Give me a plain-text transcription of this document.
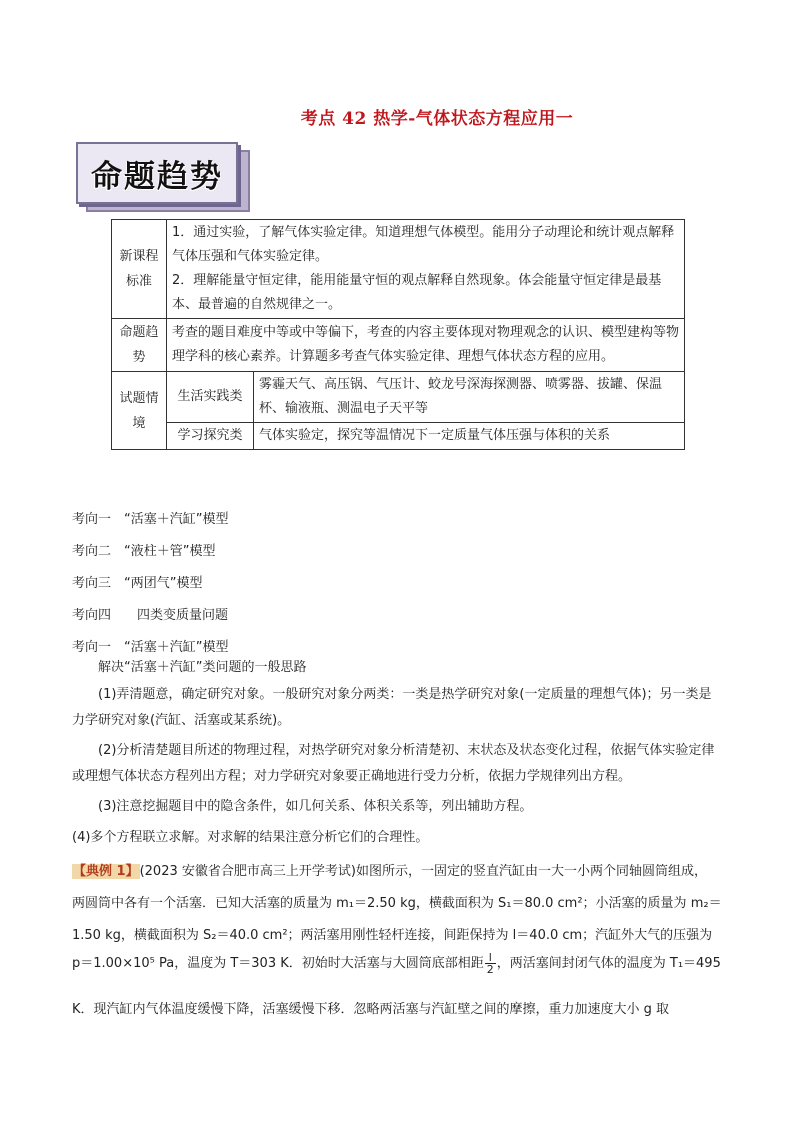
考点 42 热学-气体状态方程应用一
命题趋势
新课程标准	1．通过实验，了解气体实验定律。知道理想气体模型。能用分子动理论和统计观点解释气体压强和气体实验定律。
2．理解能量守恒定律，能用能量守恒的观点解释自然现象。体会能量守恒定律是最基本、最普遍的自然规律之一。	

命题趋势	考查的题目难度中等或中等偏下，考查的内容主要体现对物理观念的认识、模型建构等物理学科的核心素养。计算题多考查气体实验定律、理想气体状态方程的应用。	
试题情境	生活实践类	雾霾天气、高压锅、气压计、蛟龙号深海探测器、喷雾器、拔罐、保温杯、输液瓶、测温电子天平等
	学习探究类	气体实验定，探究等温情况下一定质量气体压强与体积的关系
考向一　“活塞＋汽缸”模型
考向二　“液柱＋管”模型
考向三　“两团气”模型
考向四　　四类变质量问题
考向一　“活塞＋汽缸”模型
解决“活塞＋汽缸”类问题的一般思路
(1)弄清题意，确定研究对象。一般研究对象分两类：一类是热学研究对象(一定质量的理想气体)；另一类是力学研究对象(汽缸、活塞或某系统)。
(2)分析清楚题目所述的物理过程，对热学研究对象分析清楚初、末状态及状态变化过程，依据气体实验定律或理想气体状态方程列出方程；对力学研究对象要正确地进行受力分析，依据力学规律列出方程。
(3)注意挖掘题目中的隐含条件，如几何关系、体积关系等，列出辅助方程。
(4)多个方程联立求解。对求解的结果注意分析它们的合理性。
【典例 1】(2023 安徽省合肥市高三上开学考试)如图所示，一固定的竖直汽缸由一大一小两个同轴圆筒组成，
两圆筒中各有一个活塞．已知大活塞的质量为 m₁＝2.50 kg，横截面积为 S₁＝80.0 cm²；小活塞的质量为 m₂＝
1.50 kg，横截面积为 S₂＝40.0 cm²；两活塞用刚性轻杆连接，间距保持为 l＝40.0 cm；汽缸外大气的压强为
p＝1.00×10⁵ Pa，温度为 T＝303 K．初始时大活塞与大圆筒底部相距 $\frac{l}{2}$ ，两活塞间封闭气体的温度为 T₁＝495
K．现汽缸内气体温度缓慢下降，活塞缓慢下移．忽略两活塞与汽缸壁之间的摩擦，重力加速度大小 g 取
